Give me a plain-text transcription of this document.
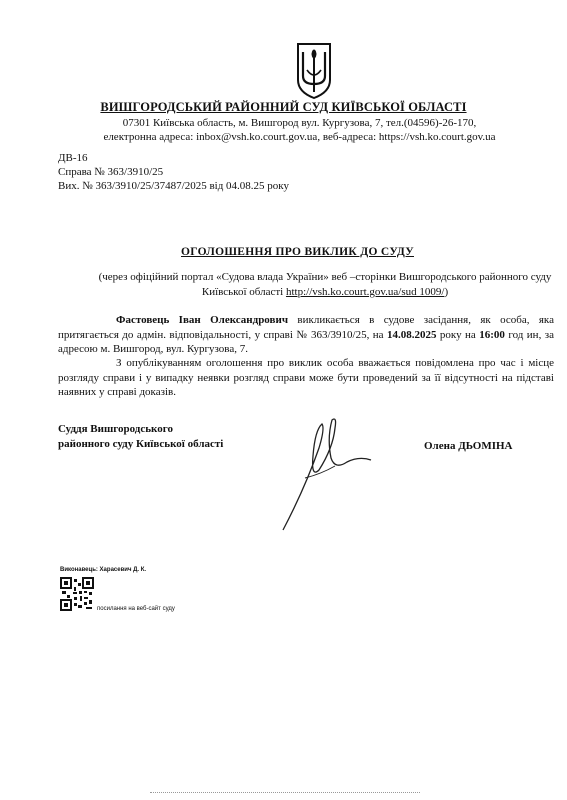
ВИШГОРОДСЬКИЙ РАЙОННИЙ СУД КИЇВСЬКОЇ ОБЛАСТІ
07301 Київська область, м. Вишгород вул. Кургузова, 7, тел.(04596)-26-170,
електронна адреса: inbox@vsh.ko.court.gov.ua, веб-адреса: https://vsh.ko.court.gov.ua
ДВ-16
Справа № 363/3910/25
Вих. № 363/3910/25/37487/2025 від 04.08.25 року
ОГОЛОШЕННЯ ПРО ВИКЛИК ДО СУДУ
(через офіційний портал «Судова влада України» веб –сторінки Вишгородського районного суду Київської області http://vsh.ko.court.gov.ua/sud 1009/)
Фастовець Іван Олександрович викликається в судове засідання, як особа, яка притягається до адмін. відповідальності, у справі № 363/3910/25, на 14.08.2025 року на 16:00 год ин, за адресою м. Вишгород, вул. Кургузова, 7.
З опублікуванням оголошення про виклик особа вважається повідомлена про час і місце розгляду справи і у випадку неявки розгляд справи може бути проведений за її відсутності на підставі наявних у справі доказів.
Суддя Вишгородського
районного суду Київської області	Олена ДЬОМІНА
Виконавець: Харасевич Д. К.
посилання на веб-сайт суду
